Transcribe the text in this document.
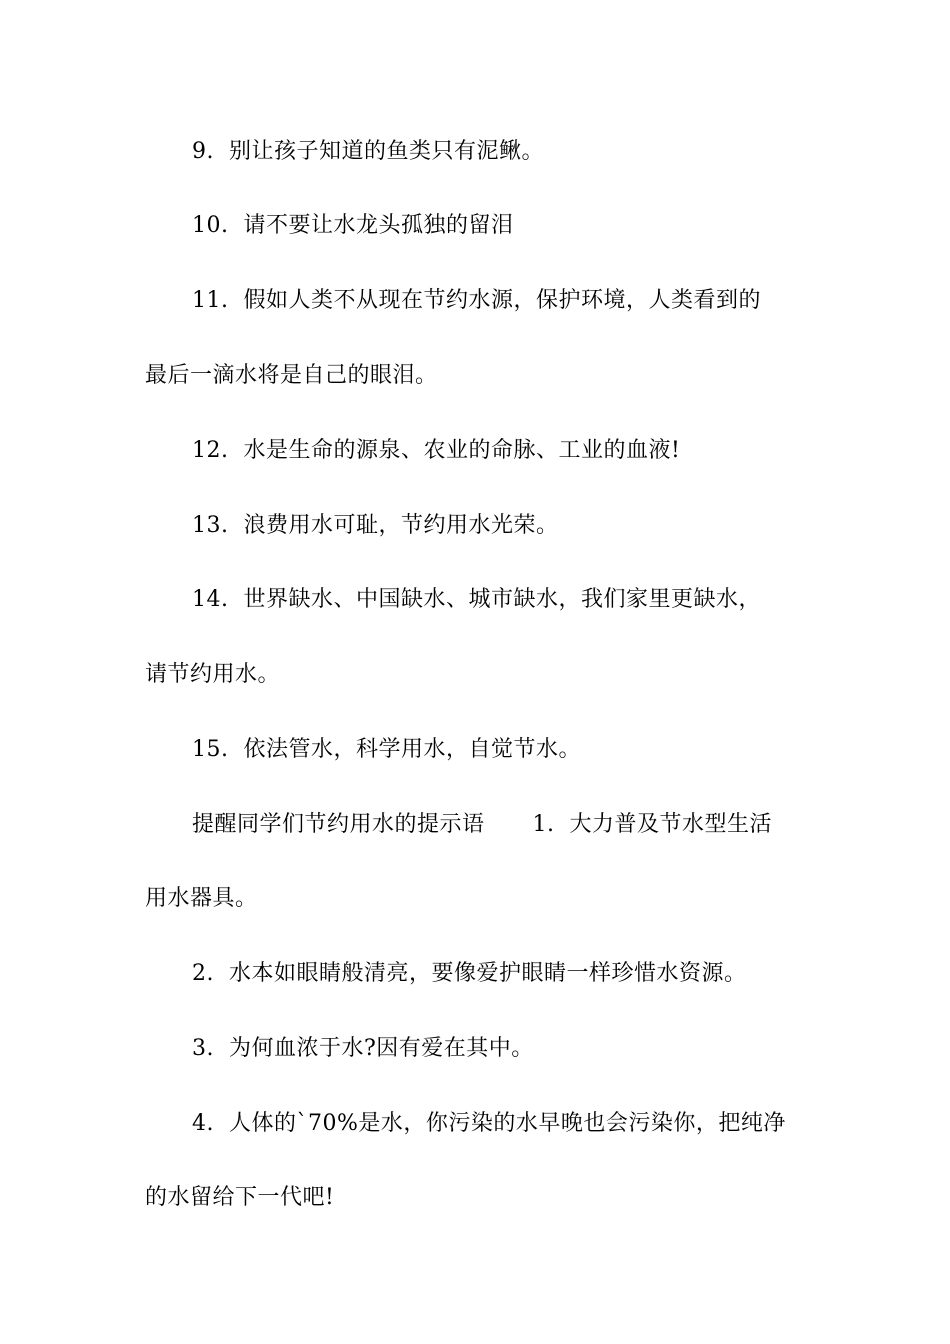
9.  别让孩子知道的鱼类只有泥鳅。
10.  请不要让水龙头孤独的留泪
11.  假如人类不从现在节约水源，保护环境，人类看到的
最后一滴水将是自己的眼泪。
12.  水是生命的源泉、农业的命脉、工业的血液!
13.  浪费用水可耻，节约用水光荣。
14.  世界缺水、中国缺水、城市缺水，我们家里更缺水，
请节约用水。
15.  依法管水，科学用水，自觉节水。
提醒同学们节约用水的提示语 1.  大力普及节水型生活
用水器具。
2.  水本如眼睛般清亮，要像爱护眼睛一样珍惜水资源。
3.  为何血浓于水?因有爱在其中。
4.  人体的`70%是水，你污染的水早晚也会污染你，把纯净
的水留给下一代吧!
